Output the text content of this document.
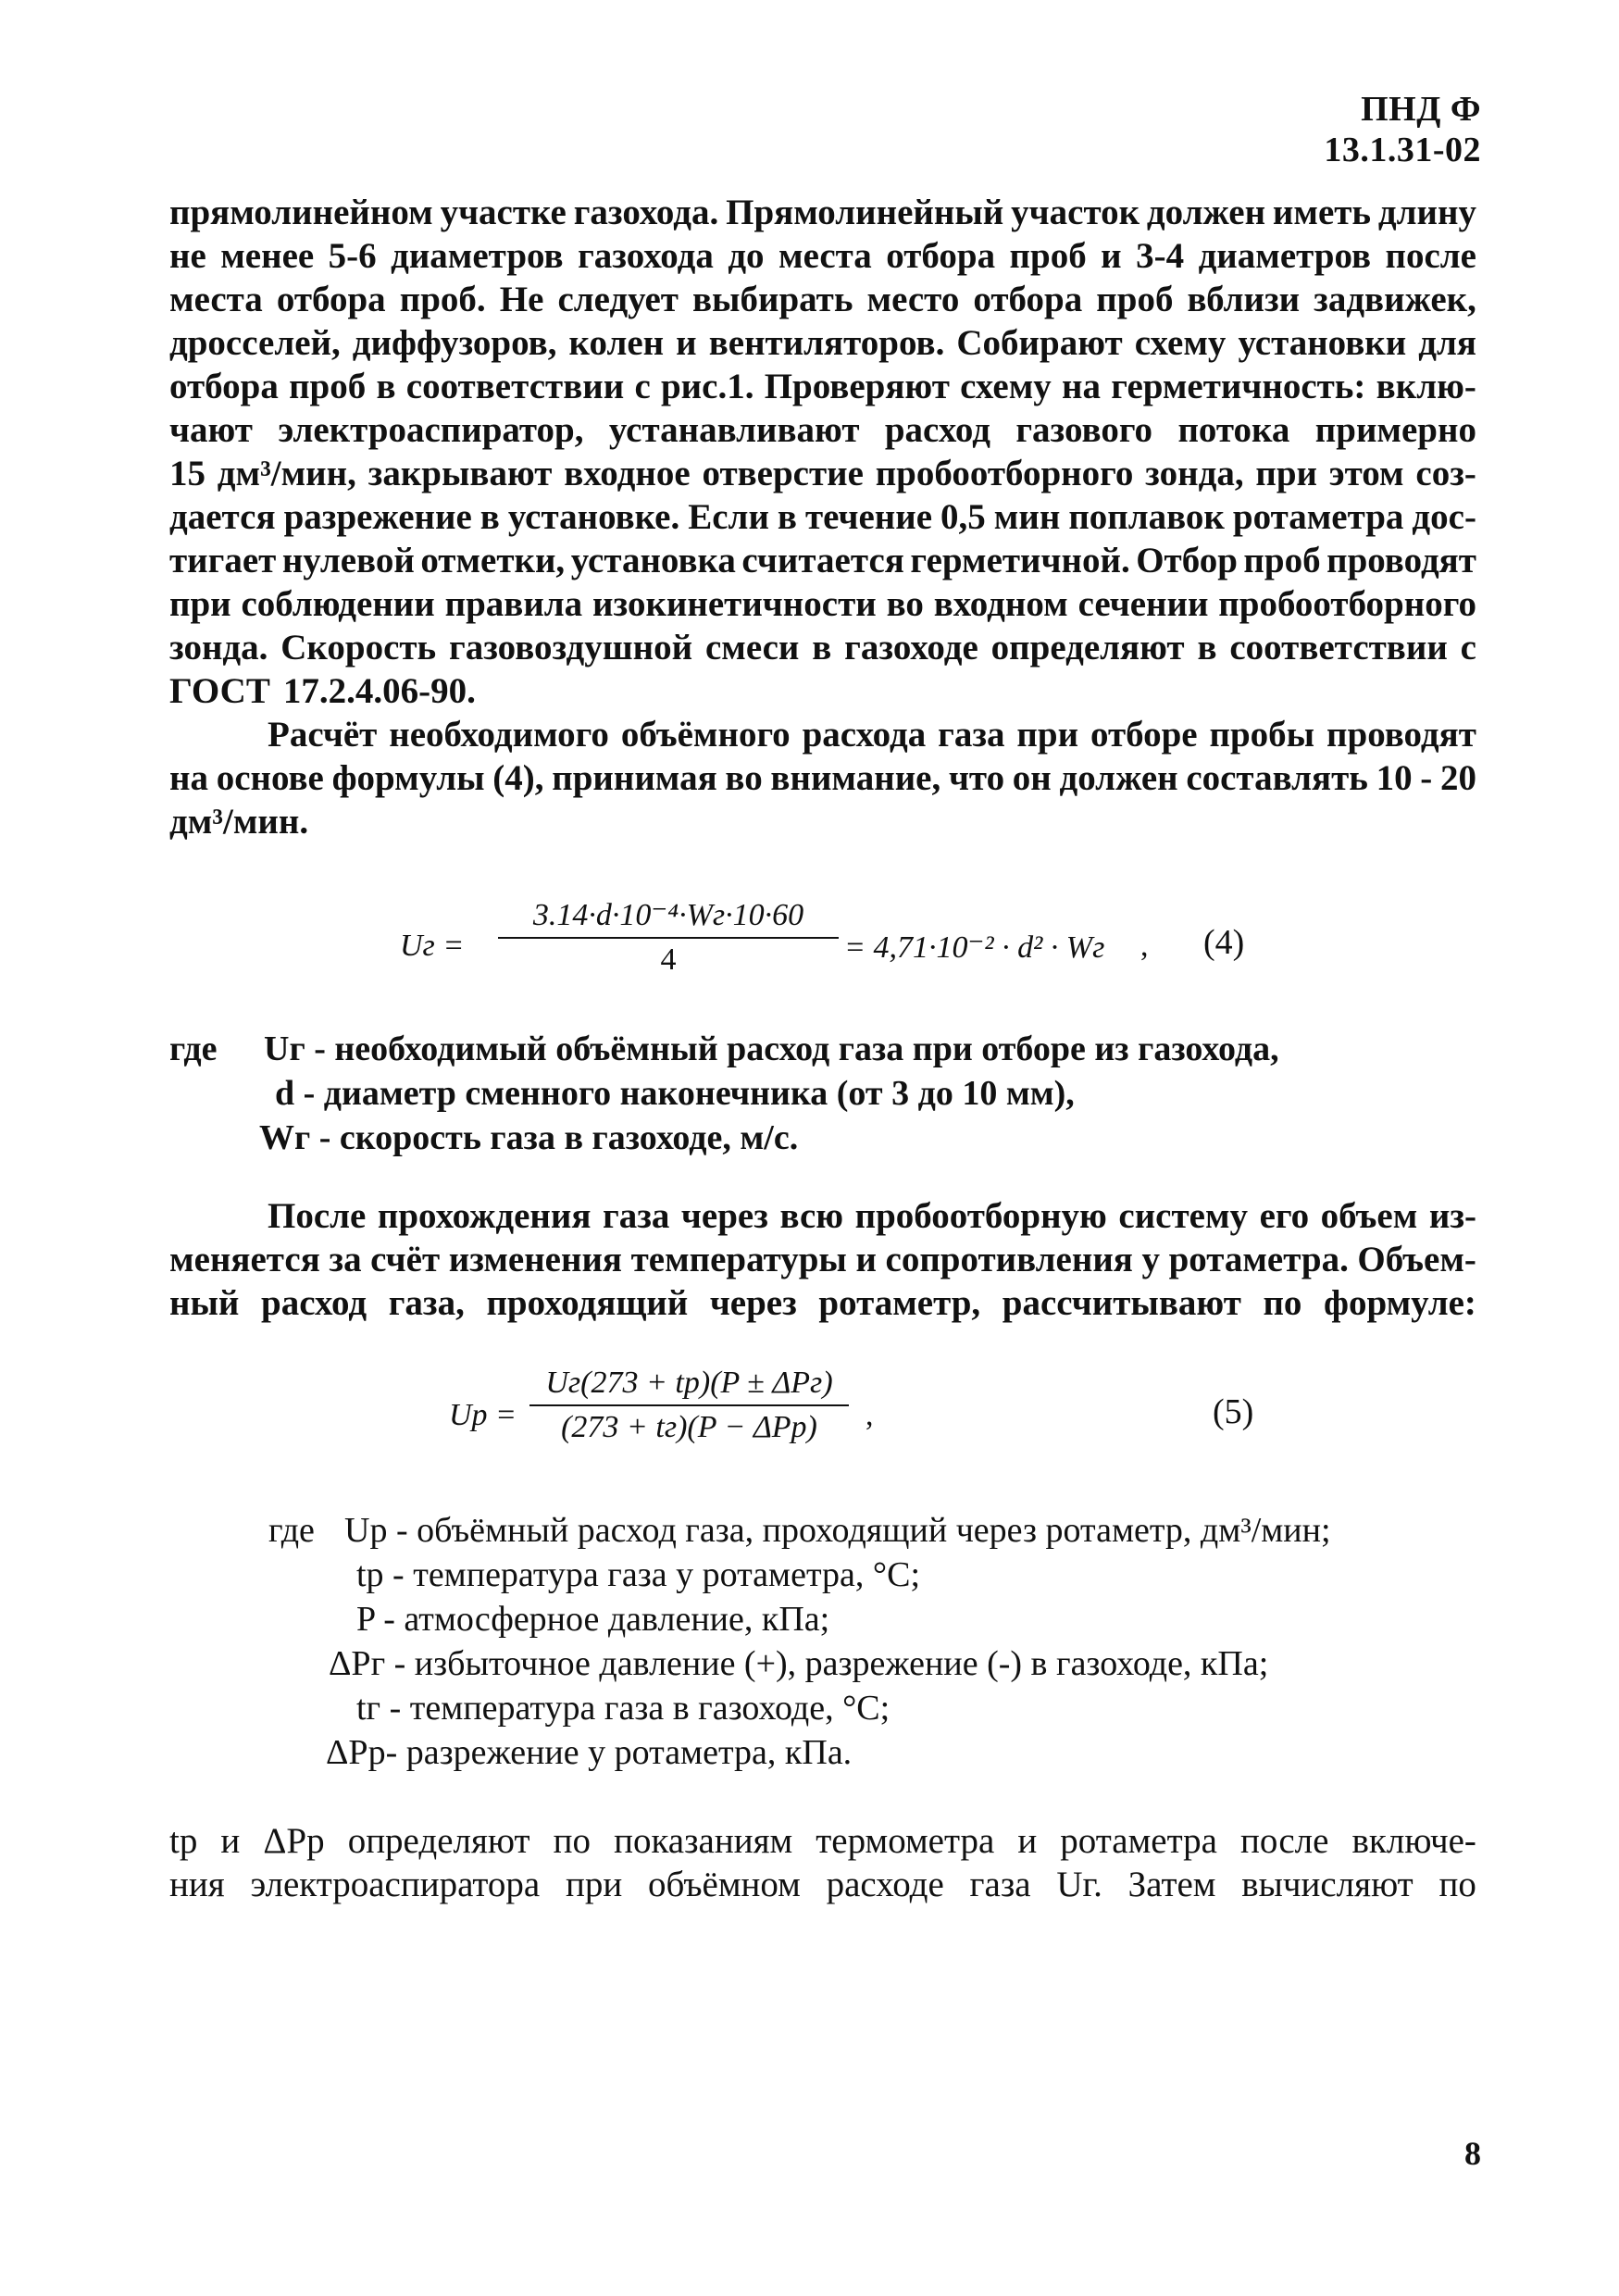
ПНД Ф 13.1.31-02
прямолинейном участке газохода. Прямолинейный участок должен иметь длину
не менее 5-6 диаметров газохода до места отбора проб и 3-4 диаметров после
места отбора проб. Не следует выбирать место отбора проб вблизи задвижек,
дросселей, диффузоров, колен и вентиляторов. Собирают схему установки для
отбора проб в соответствии с рис.1. Проверяют схему на герметичность: вклю-
чают электроаспиратор, устанавливают расход газового потока примерно
15 дм³/мин, закрывают входное отверстие пробоотборного зонда, при этом соз-
дается разрежение в установке. Если в течение 0,5 мин поплавок ротаметра дос-
тигает нулевой отметки, установка считается герметичной. Отбор проб проводят
при соблюдении правила изокинетичности во входном сечении пробоотборного
зонда. Скорость газовоздушной смеси в газоходе определяют в соответствии с
ГОСТ 17.2.4.06-90.
Расчёт необходимого объёмного расхода газа при отборе пробы проводят
на основе формулы (4), принимая во внимание, что он должен составлять 10 - 20
дм³/мин.
Uг =
3.14·d·10⁻⁴·Wг·10·60
4	= 4,71·10⁻² · d² · Wг , (4)
где Uг - необходимый объёмный расход газа при отборе из газохода,
d - диаметр сменного наконечника (от 3 до 10 мм),
Wг - скорость газа в газоходе, м/с.
После прохождения газа через всю пробоотборную систему его объем из-
меняется за счёт изменения температуры и сопротивления у ротаметра. Объем-
ный расход газа, проходящий через ротаметр, рассчитывают по формуле:
Uр =
Uг(273 + tр)(P ± ΔPг)
(273 + tг)(P − ΔPр) ,	(5)
где Uр - объёмный расход газа, проходящий через ротаметр, дм³/мин;
tр - температура газа у ротаметра, °С;
P - атмосферное давление, кПа;
ΔPг - избыточное давление (+), разрежение (-) в газоходе, кПа;
tг - температура газа в газоходе, °С;
ΔPр- разрежение у ротаметра, кПа.
tр и ΔPр определяют по показаниям термометра и ротаметра после включе-
ния электроаспиратора при объёмном расходе газа Uг. Затем вычисляют по
8
